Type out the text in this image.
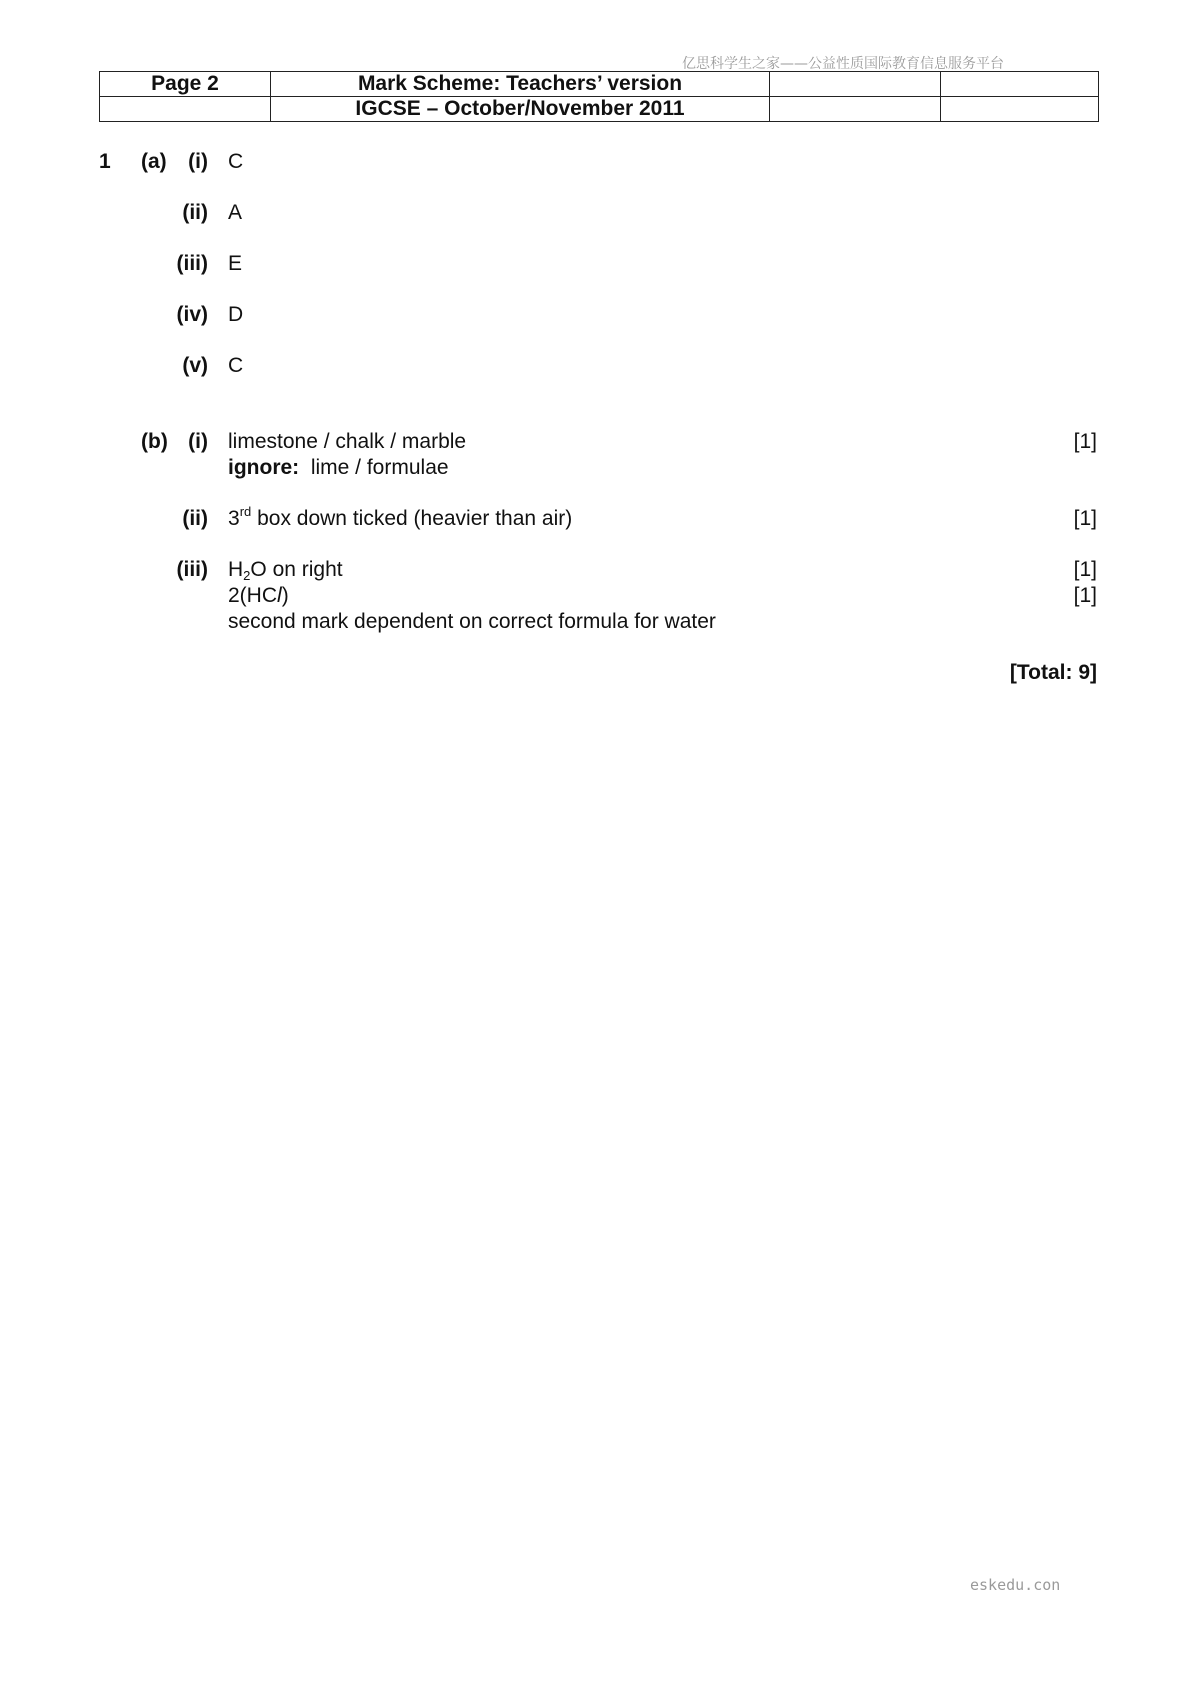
亿思科学生之家——公益性质国际教育信息服务平台
Page 2	Mark Scheme: Teachers’ version		
	IGCSE – October/November 2011		
1 (a)	(i) C
(ii) A
(iii) E
(iv) D
(v) C
(b) (i) limestone / chalk / marble	[1]
ignore: lime / formulae
(ii) 3rd box down ticked (heavier than air)	[1]
(iii) $H_2O$ on right	[1]
2(HCl)	[1]
second mark dependent on correct formula for water
[Total: 9]
eskedu.con
